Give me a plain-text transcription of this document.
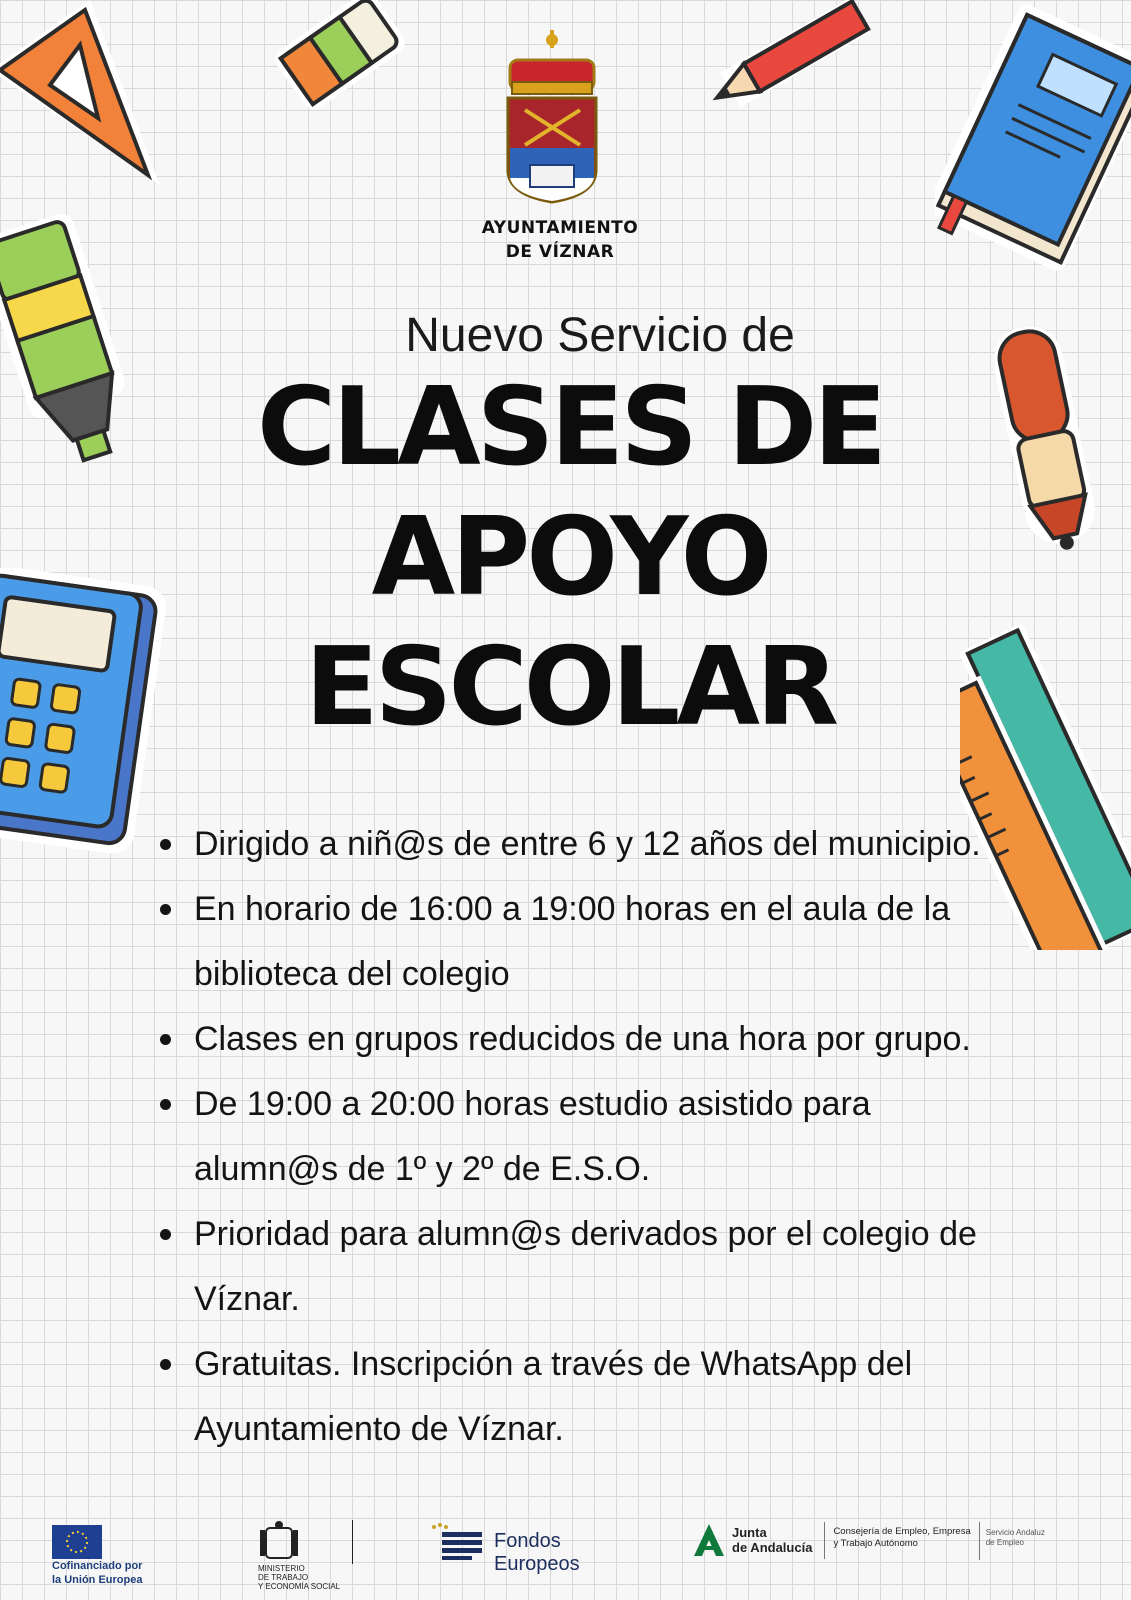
AYUNTAMIENTO
DE VÍZNAR
Nuevo Servicio de
CLASES DE
APOYO
ESCOLAR
Dirigido a niñ@s de entre 6 y 12 años del municipio.
En horario de 16:00 a 19:00 horas en el aula de la biblioteca del colegio
Clases en grupos reducidos de una hora por grupo.
De 19:00 a 20:00 horas estudio asistido para alumn@s de 1º y 2º de E.S.O.
Prioridad para alumn@s derivados por el colegio de Víznar.
Gratuitas. Inscripción a través de WhatsApp del Ayuntamiento de Víznar.
Cofinanciado por
la Unión Europea
MINISTERIO
DE TRABAJO
Y ECONOMÍA SOCIAL
Fondos Europeos
Junta
de Andalucía
Consejería de Empleo, Empresa
y Trabajo Autónomo
Servicio Andaluz
de Empleo
